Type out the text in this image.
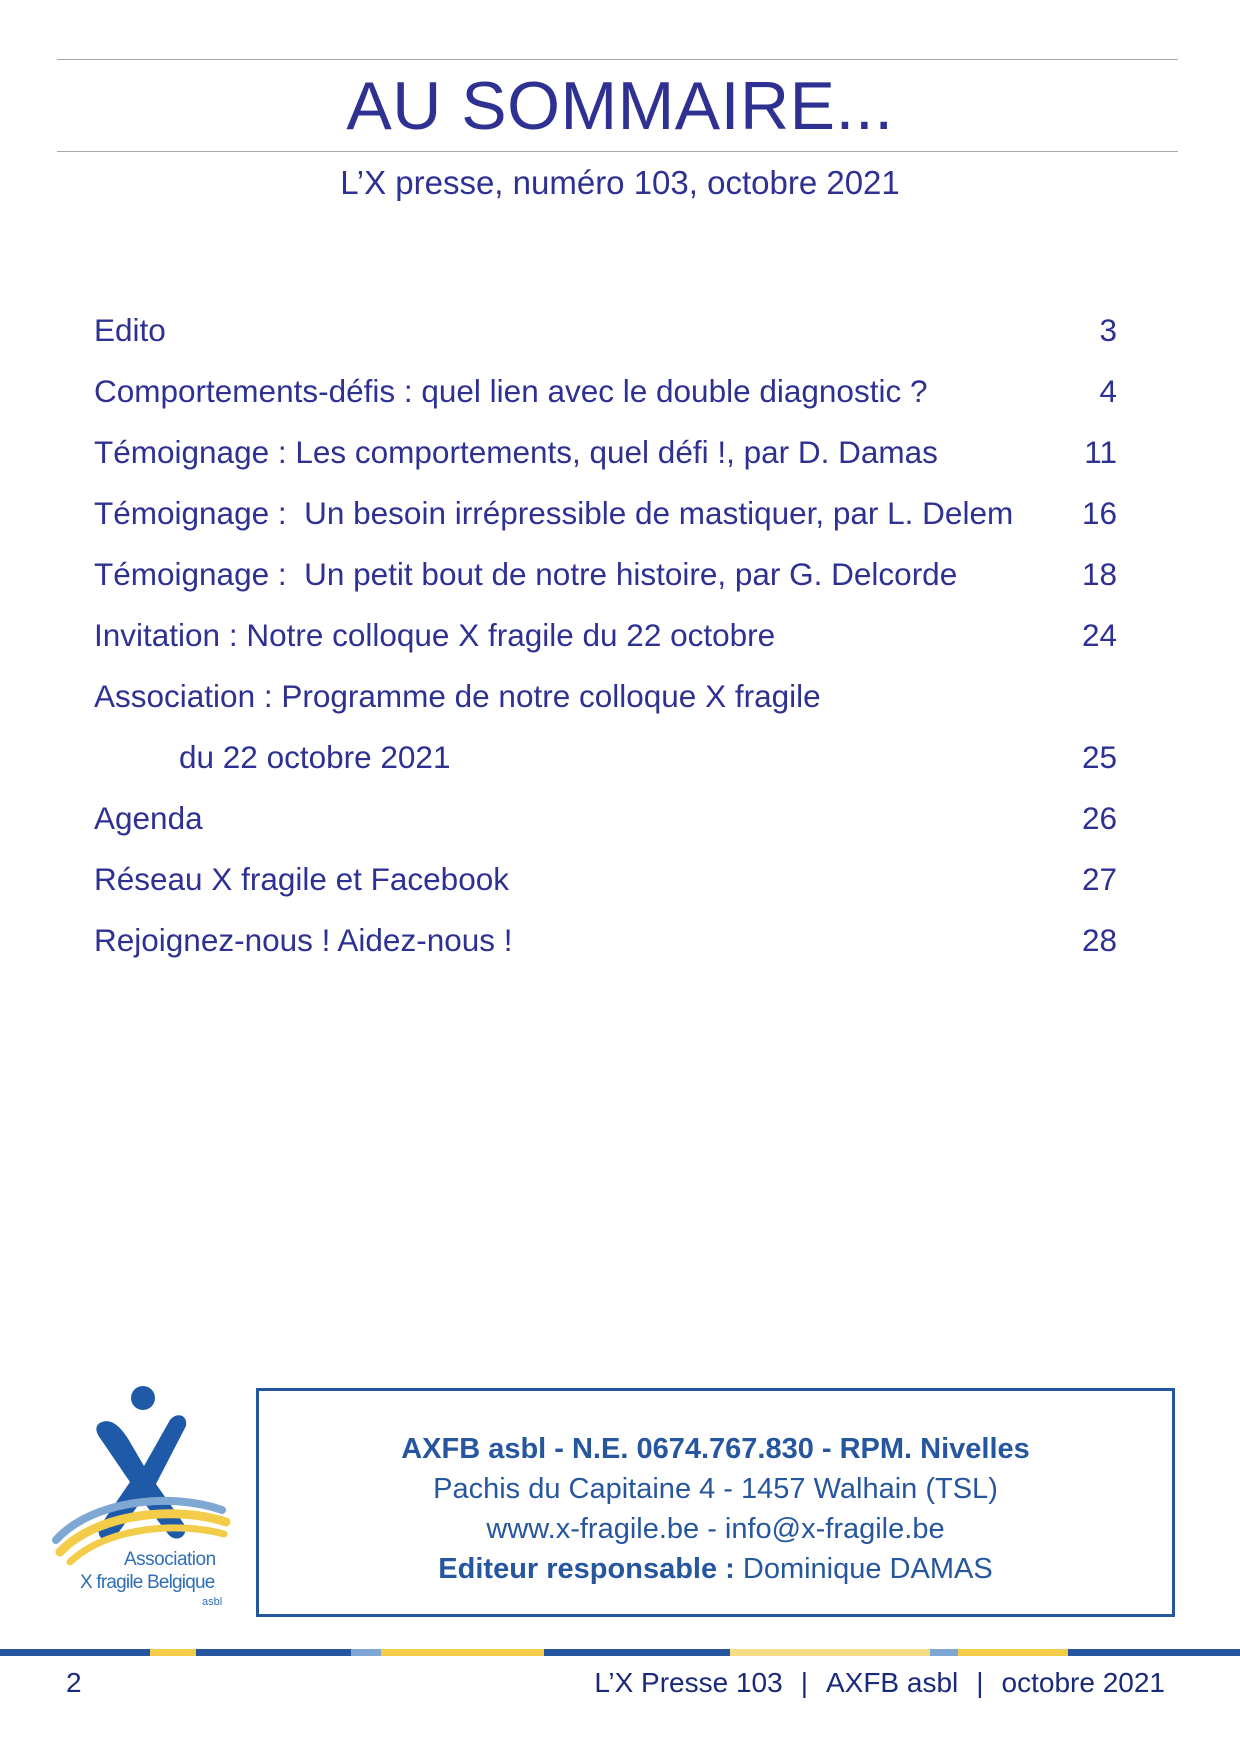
AU SOMMAIRE...
L’X presse, numéro 103, octobre 2021
Edito	3
Comportements-défis : quel lien avec le double diagnostic ?	4
Témoignage : Les comportements, quel défi !, par D. Damas	11
Témoignage :  Un besoin irrépressible de mastiquer, par L. Delem 16
Témoignage :  Un petit bout de notre histoire, par G. Delcorde	18
Invitation : Notre colloque X fragile du 22 octobre	24
Association : Programme de notre colloque X fragile
du 22 octobre 2021	25
Agenda	26
Réseau X fragile et Facebook	27
Rejoignez-nous ! Aidez-nous !	28
Association
X fragile Belgique
asbl
AXFB asbl - N.E. 0674.767.830 - RPM. Nivelles
Pachis du Capitaine 4 - 1457 Walhain (TSL)
www.x-fragile.be - info@x-fragile.be
Editeur responsable : Dominique DAMAS
2	L’X Presse 103 | AXFB asbl | octobre 2021
